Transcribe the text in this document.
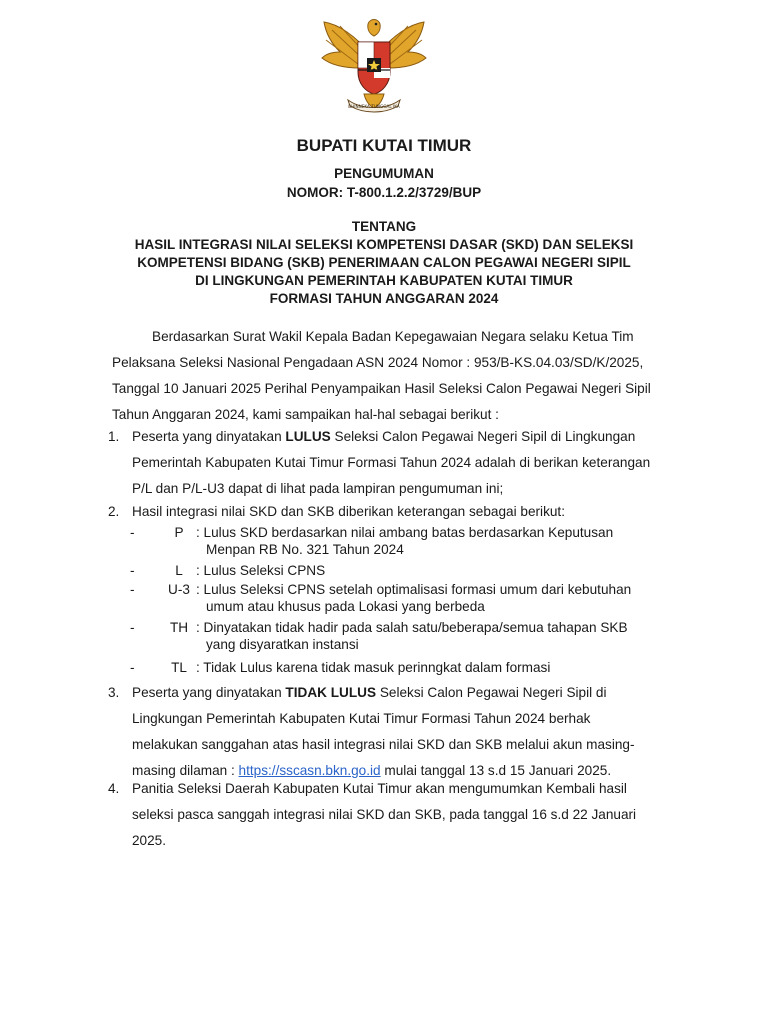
BHINNEKA TUNGGAL IKA
BUPATI KUTAI TIMUR
PENGUMUMAN
NOMOR: T-800.1.2.2/3729/BUP
TENTANG
HASIL INTEGRASI NILAI SELEKSI KOMPETENSI DASAR (SKD) DAN SELEKSI
KOMPETENSI BIDANG (SKB) PENERIMAAN CALON PEGAWAI NEGERI SIPIL
DI LINGKUNGAN PEMERINTAH KABUPATEN KUTAI TIMUR
FORMASI TAHUN ANGGARAN 2024
Berdasarkan Surat Wakil Kepala Badan Kepegawaian Negara selaku Ketua Tim
Pelaksana Seleksi Nasional Pengadaan ASN 2024 Nomor : 953/B-KS.04.03/SD/K/2025,
Tanggal 10 Januari 2025 Perihal Penyampaikan Hasil Seleksi Calon Pegawai Negeri Sipil
Tahun Anggaran 2024, kami sampaikan hal-hal sebagai berikut :
1. Peserta yang dinyatakan LULUS Seleksi Calon Pegawai Negeri Sipil di Lingkungan
Pemerintah Kabupaten Kutai Timur Formasi Tahun 2024 adalah di berikan keterangan
P/L dan P/L-U3 dapat di lihat pada lampiran pengumuman ini;
2. Hasil integrasi nilai SKD dan SKB diberikan keterangan sebagai berikut:
-	P : Lulus SKD berdasarkan nilai ambang batas berdasarkan Keputusan
Menpan RB No. 321 Tahun 2024
-	L : Lulus Seleksi CPNS
-	U-3 : Lulus Seleksi CPNS setelah optimalisasi formasi umum dari kebutuhan
umum atau khusus pada Lokasi yang berbeda
-	TH : Dinyatakan tidak hadir pada salah satu/beberapa/semua tahapan SKB
yang disyaratkan instansi
-	TL : Tidak Lulus karena tidak masuk perinngkat dalam formasi
3. Peserta yang dinyatakan TIDAK LULUS Seleksi Calon Pegawai Negeri Sipil di
Lingkungan Pemerintah Kabupaten Kutai Timur Formasi Tahun 2024 berhak
melakukan sanggahan atas hasil integrasi nilai SKD dan SKB melalui akun masing-
masing dilaman : https://sscasn.bkn.go.id mulai tanggal 13 s.d 15 Januari 2025.
4. Panitia Seleksi Daerah Kabupaten Kutai Timur akan mengumumkan Kembali hasil
seleksi pasca sanggah integrasi nilai SKD dan SKB, pada tanggal 16 s.d 22 Januari
2025.
